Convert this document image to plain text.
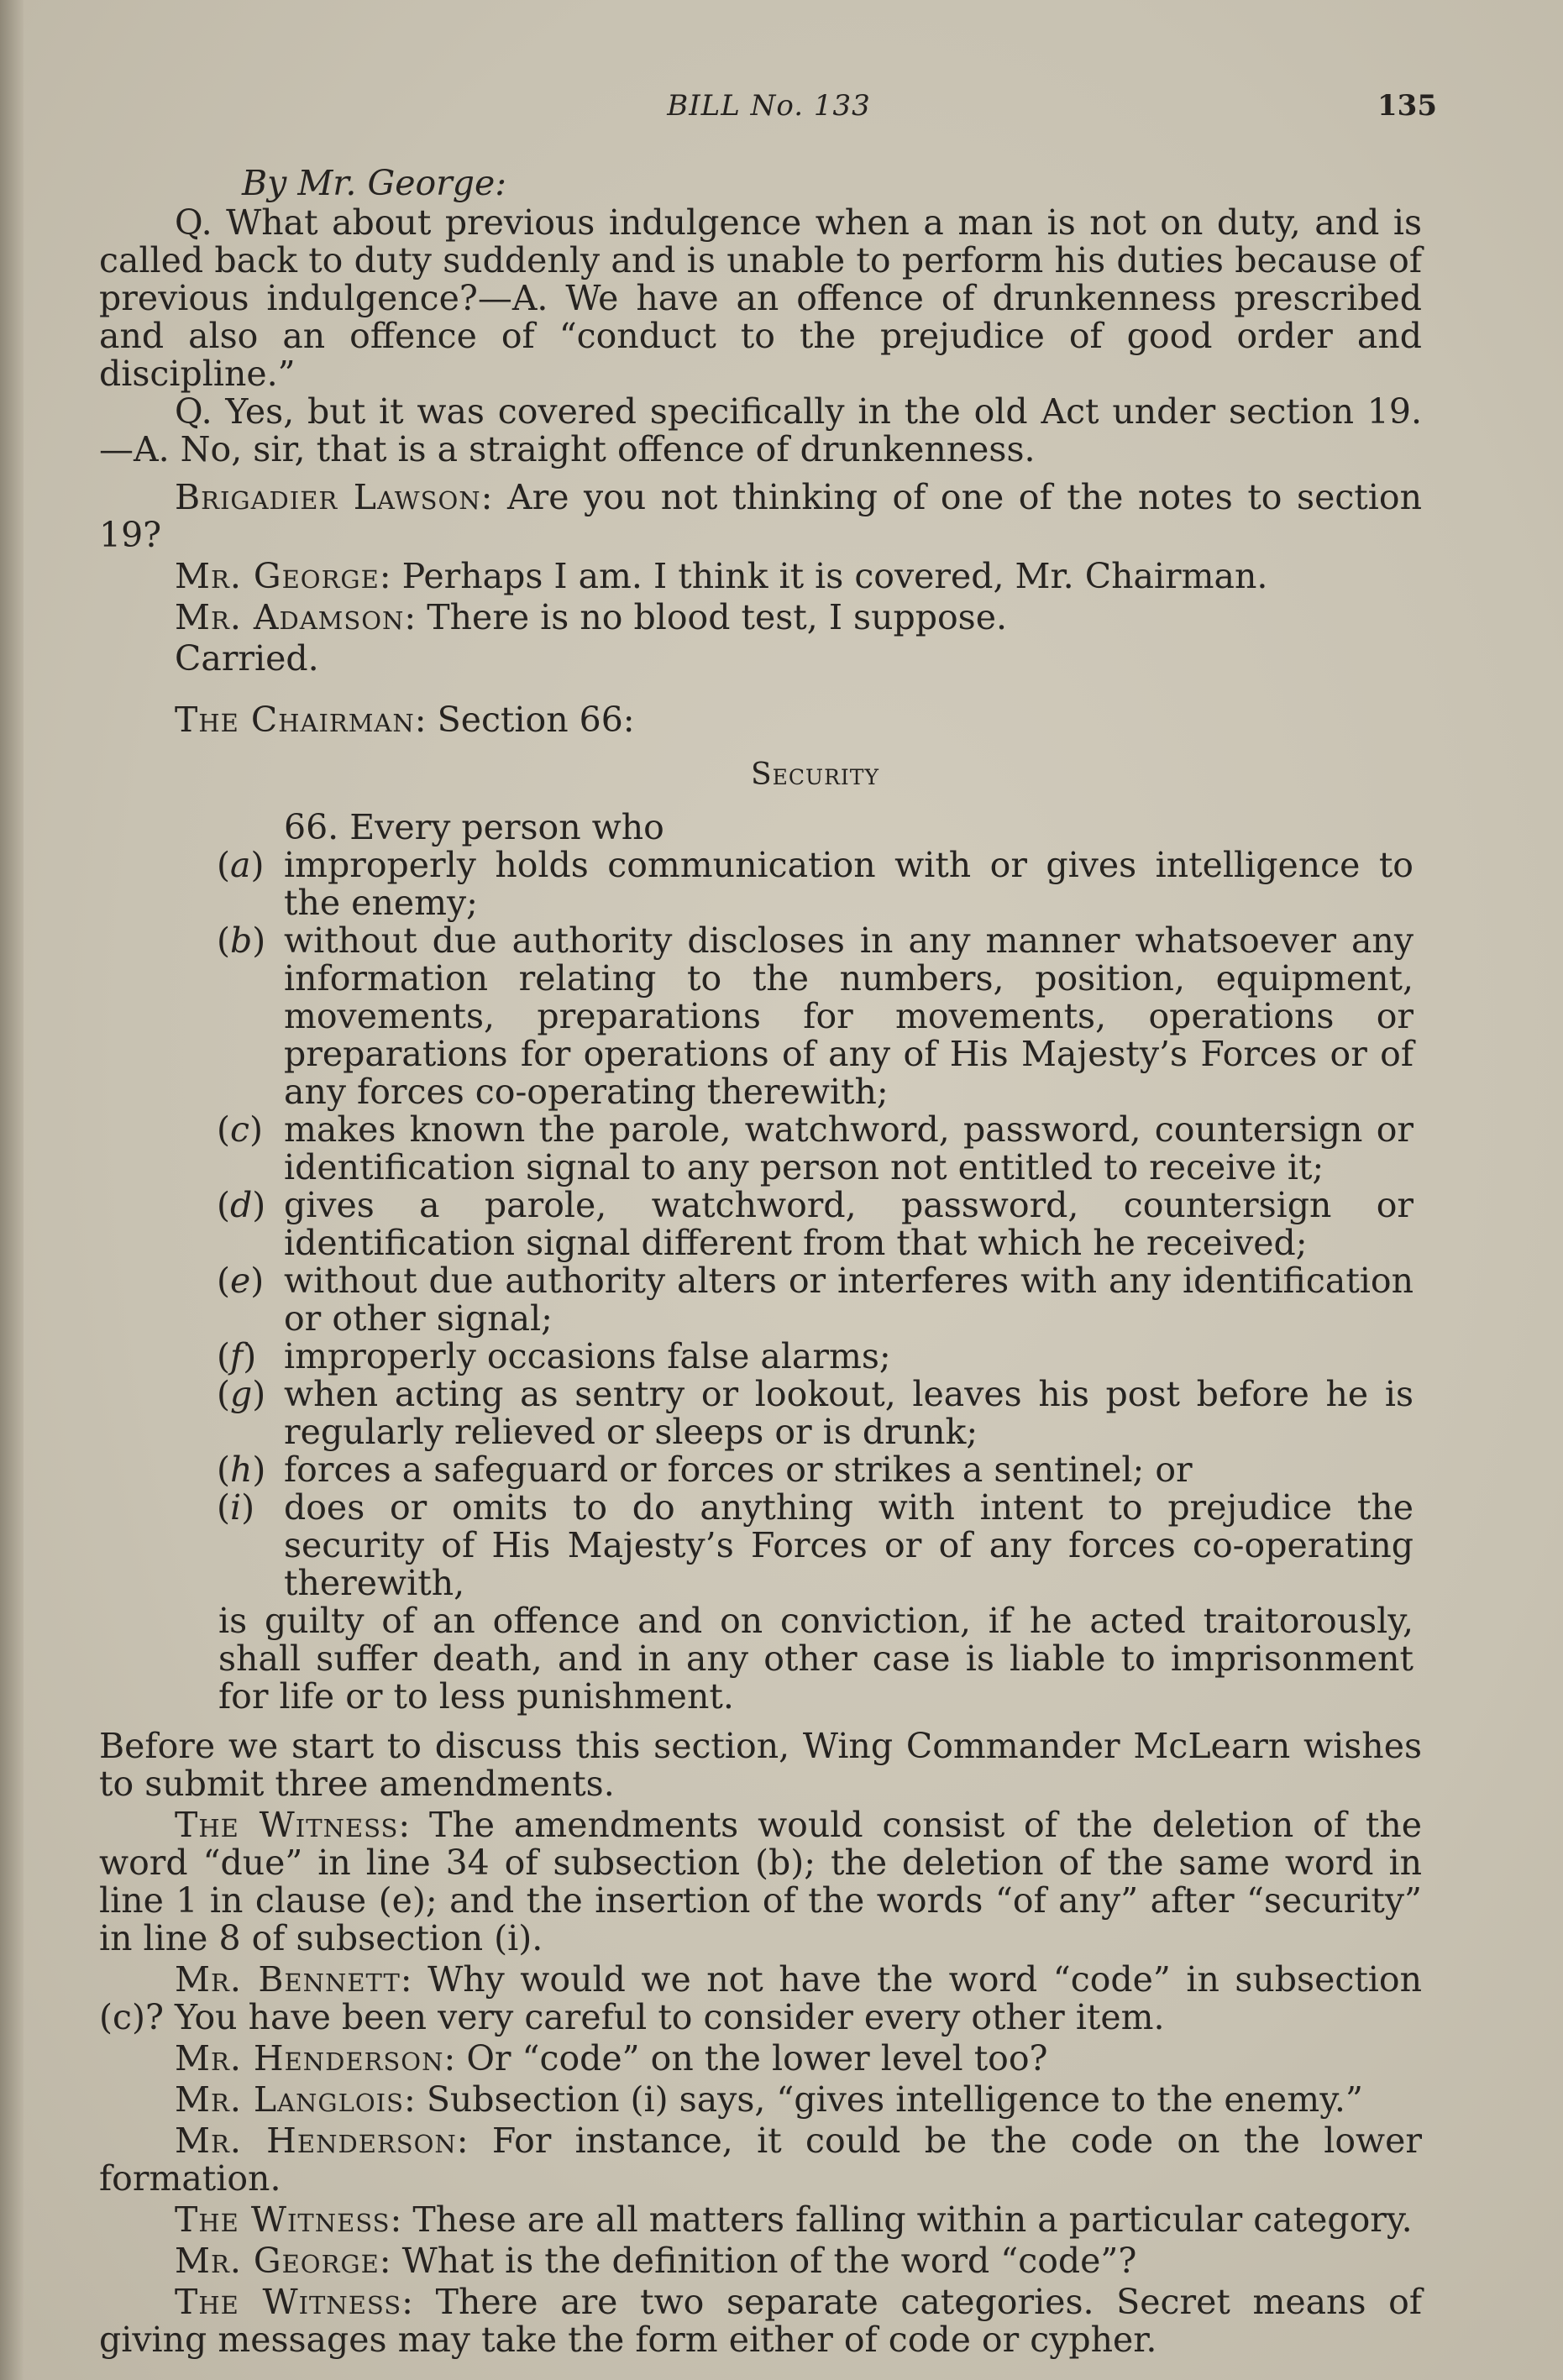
BILL No. 133	135

By Mr. George:

Q. What about previous indulgence when a man is not on duty, and is called back to duty suddenly and is unable to perform his duties because of previous indulgence?—A. We have an offence of drunkenness prescribed and also an offence of “conduct to the prejudice of good order and discipline.”

Q. Yes, but it was covered specifically in the old Act under section 19.—A. No, sir, that is a straight offence of drunkenness.

Brigadier Lawson: Are you not thinking of one of the notes to section 19?

Mr. George: Perhaps I am. I think it is covered, Mr. Chairman.

Mr. Adamson: There is no blood test, I suppose.

Carried.

The Chairman: Section 66:

Security

66. Every person who

(a) improperly holds communication with or gives intelligence to the enemy;

(b) without due authority discloses in any manner whatsoever any information relating to the numbers, position, equipment, movements, preparations for movements, operations or preparations for operations of any of His Majesty’s Forces or of any forces co-operating therewith;

(c) makes known the parole, watchword, password, countersign or identification signal to any person not entitled to receive it;

(d) gives a parole, watchword, password, countersign or identification signal different from that which he received;

(e) without due authority alters or interferes with any identification or other signal;

(f) improperly occasions false alarms;

(g) when acting as sentry or lookout, leaves his post before he is regularly relieved or sleeps or is drunk;

(h) forces a safeguard or forces or strikes a sentinel; or

(i) does or omits to do anything with intent to prejudice the security of His Majesty’s Forces or of any forces co-operating therewith,

is guilty of an offence and on conviction, if he acted traitorously, shall suffer death, and in any other case is liable to imprisonment for life or to less punishment.

Before we start to discuss this section, Wing Commander McLearn wishes to submit three amendments.

The Witness: The amendments would consist of the deletion of the word “due” in line 34 of subsection (b); the deletion of the same word in line 1 in clause (e); and the insertion of the words “of any” after “security” in line 8 of subsection (i).

Mr. Bennett: Why would we not have the word “code” in subsection (c)? You have been very careful to consider every other item.

Mr. Henderson: Or “code” on the lower level too?

Mr. Langlois: Subsection (i) says, “gives intelligence to the enemy.”

Mr. Henderson: For instance, it could be the code on the lower formation.

The Witness: These are all matters falling within a particular category.

Mr. George: What is the definition of the word “code”?

The Witness: There are two separate categories. Secret means of giving messages may take the form either of code or cypher.
